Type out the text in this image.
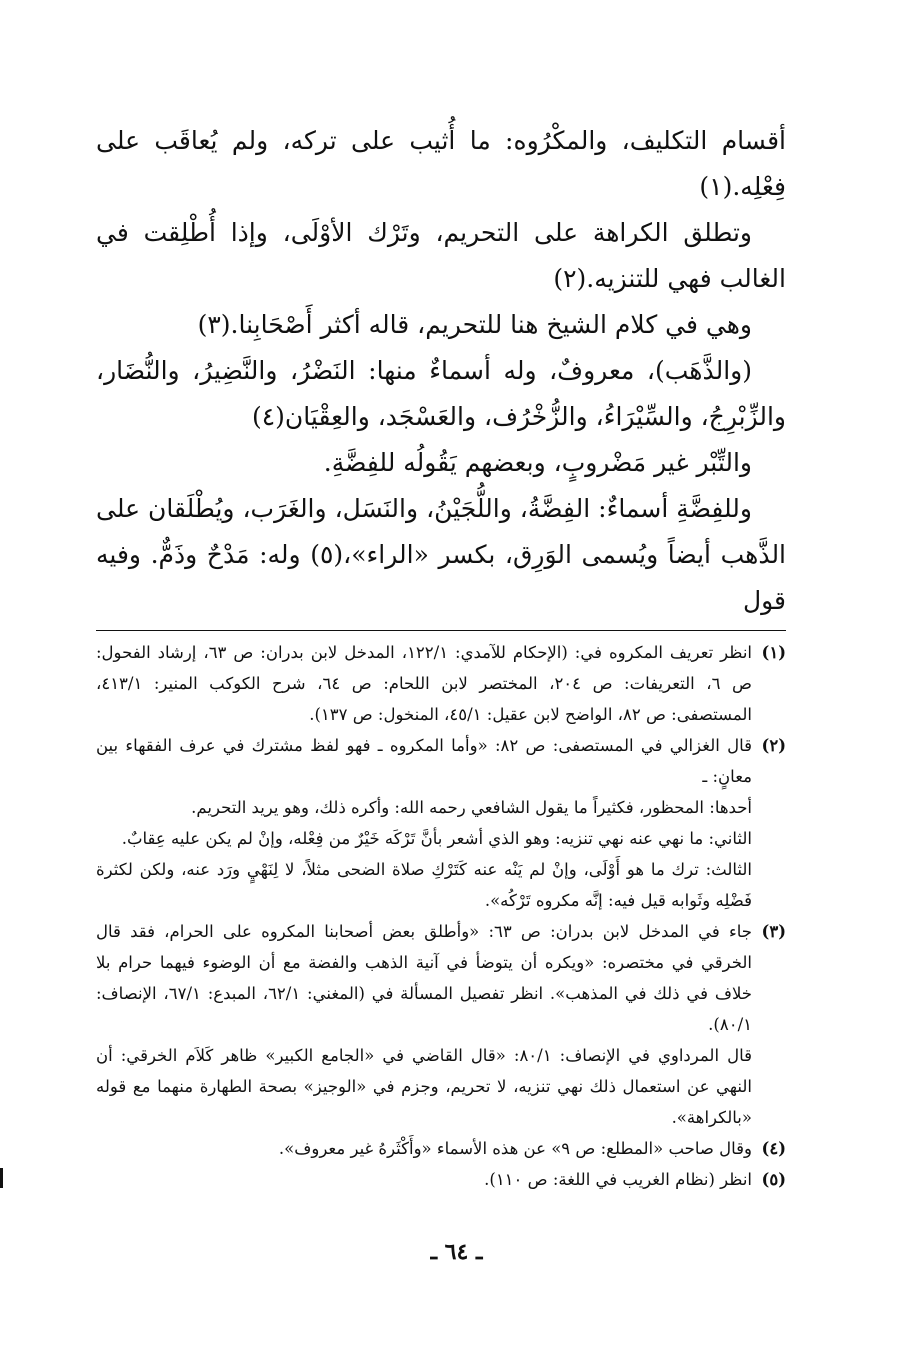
أقسام التكليف، والمكْرُوه: ما أُثيب على تركه، ولم يُعاقَب على فِعْلِه.(١)

وتطلق الكراهة على التحريم، وتَرْك الأوْلَى، وإذا أُطْلِقت في الغالب فهي للتنزيه.(٢)

وهي في كلام الشيخ هنا للتحريم، قاله أكثر أَصْحَابِنا.(٣)

(والذَّهَب)، معروفٌ، وله أسماءٌ منها: النَضْرُ، والنَّضِيرُ، والنُّضَار، والزِّبْرِجُ، والسِّيْرَاءُ، والزُّخْرُف، والعَسْجَد، والعِقْيَان(٤)

والتِّبْر غير مَضْروبٍ، وبعضهم يَقُولُه للفِضَّةِ.

وللفِضَّةِ أسماءٌ: الفِضَّةُ، واللُّجَيْنُ، والنَسَل، والغَرَب، ويُطْلَقان على الذَّهب أيضاً ويُسمى الوَرِق، بكسر «الراء»،(٥) وله: مَدْحٌ وذَمٌّ. وفيه قول

(١)
انظر تعريف المكروه في: (الإحكام للآمدي: ١٢٢/١، المدخل لابن بدران: ص ٦٣، إرشاد الفحول: ص ٦، التعريفات: ص ٢٠٤، المختصر لابن اللحام: ص ٦٤، شرح الكوكب المنير: ٤١٣/١، المستصفى: ص ٨٢، الواضح لابن عقيل: ٤٥/١، المنخول: ص ١٣٧).
(٢)
قال الغزالي في المستصفى: ص ٨٢: «وأما المكروه ـ فهو لفظ مشترك في عرف الفقهاء بين معانٍ: ـ
أحدها: المحظور، فكثيراً ما يقول الشافعي رحمه الله: وأكره ذلك، وهو يريد التحريم.
الثاني: ما نهي عنه نهي تنزيه: وهو الذي أشعر بأنَّ تَرْكَه خَيْرٌ من فِعْله، وإنْ لم يكن عليه عِقابٌ.
الثالث: ترك ما هو أَوْلَى، وإنْ لم يَنْه عنه كَتَرْكِ صلاة الضحى مثلاً، لا لِنَهْيٍ ورَد عنه، ولكن لكثرة فَضْلِه وثَوابه قيل فيه: إنَّه مكروه تَرْكُه».
(٣)
جاء في المدخل لابن بدران: ص ٦٣: «وأطلق بعض أصحابنا المكروه على الحرام، فقد قال الخرقي في مختصره: «ويكره أن يتوضأ في آنية الذهب والفضة مع أن الوضوء فيهما حرام بلا خلاف في ذلك في المذهب». انظر تفصيل المسألة في (المغني: ٦٢/١، المبدع: ٦٧/١، الإنصاف: ٨٠/١).
قال المرداوي في الإنصاف: ٨٠/١: «قال القاضي في «الجامع الكبير» ظاهر كَلاَم الخرقي: أن النهي عن استعمال ذلك نهي تنزيه، لا تحريم، وجزم في «الوجيز» بصحة الطهارة منهما مع قوله «بالكراهة».
(٤)
وقال صاحب «المطلع: ص ٩» عن هذه الأسماء «وأَكْثَرهُ غير معروف».
(٥)
انظر (نظام الغريب في اللغة: ص ١١٠).
ـ ٦٤ ـ
